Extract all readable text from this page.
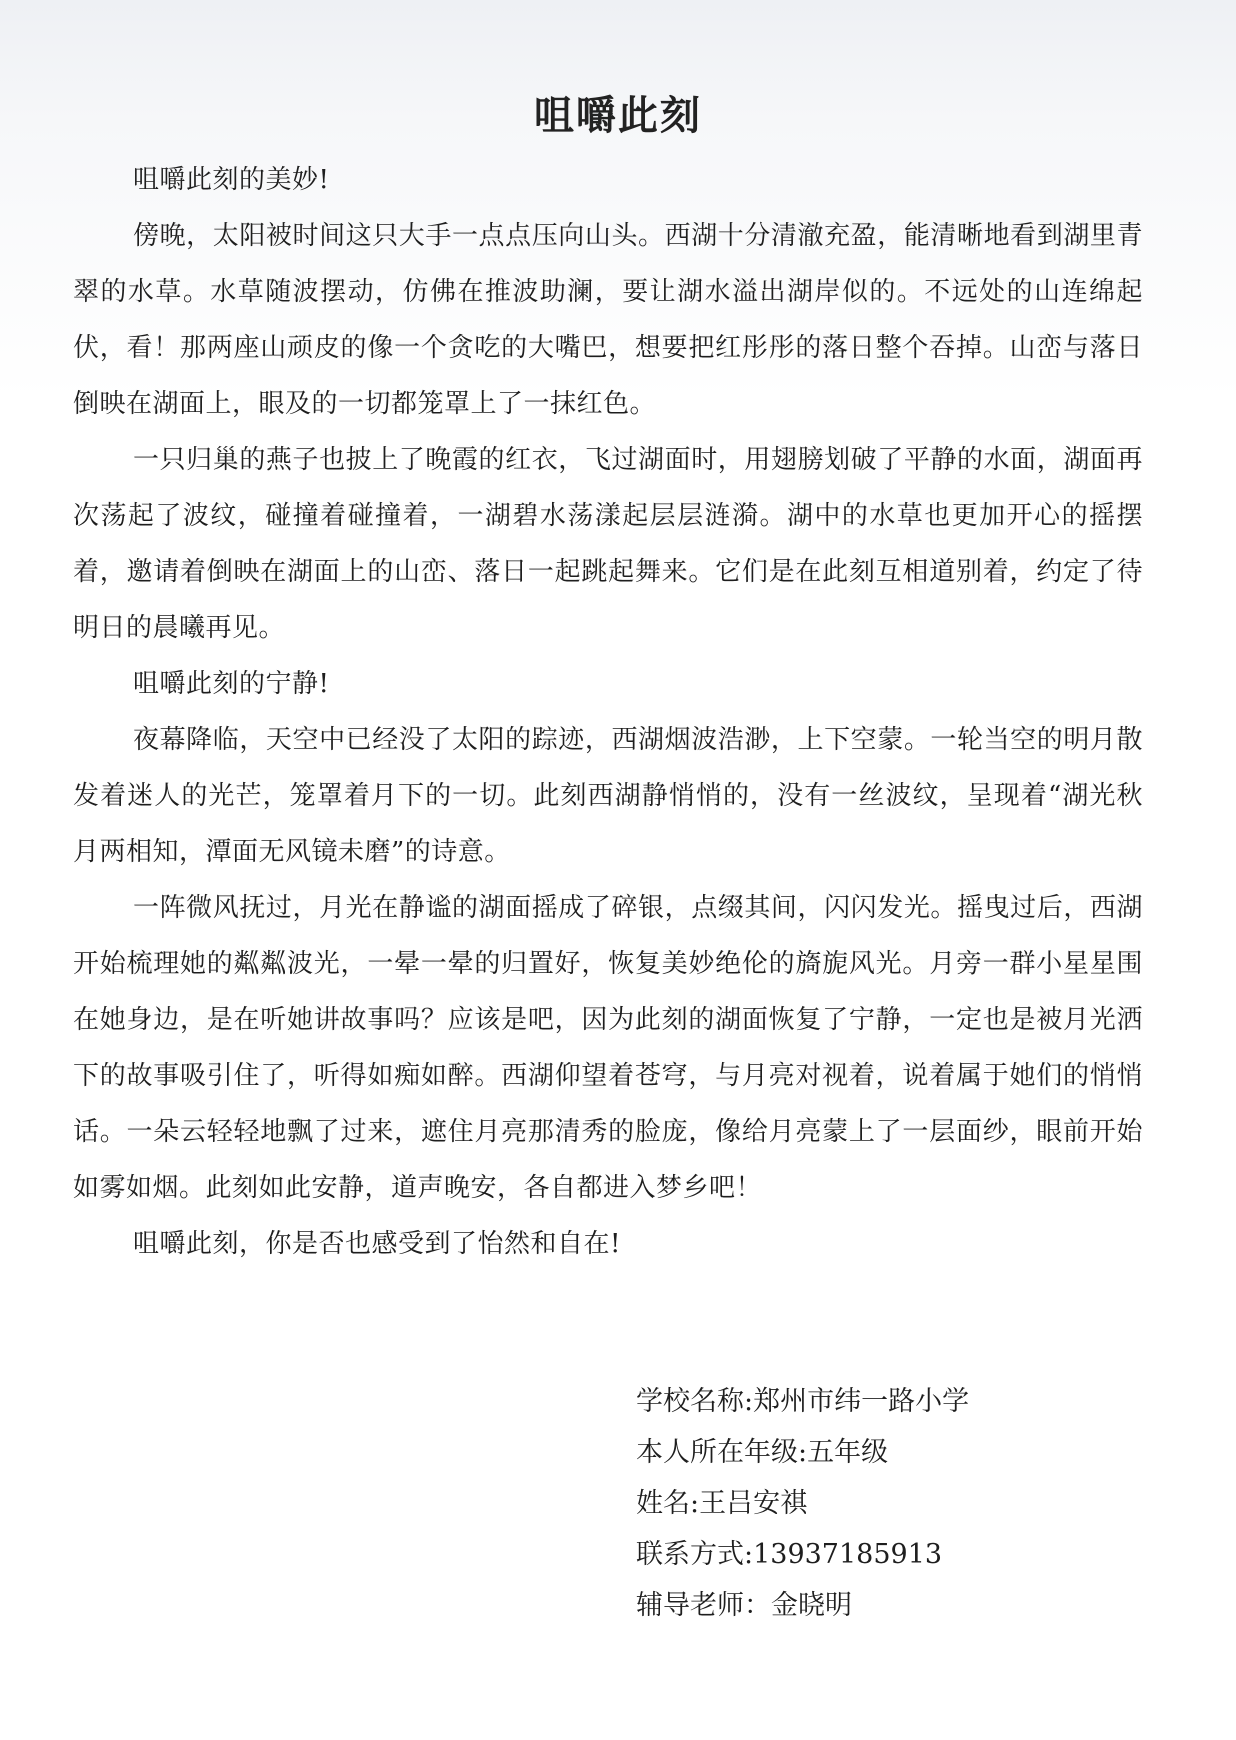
咀嚼此刻

咀嚼此刻的美妙!

傍晚，太阳被时间这只大手一点点压向山头。西湖十分清澈充盈，能清晰地看到湖里青翠的水草。水草随波摆动，仿佛在推波助澜，要让湖水溢出湖岸似的。不远处的山连绵起伏，看！那两座山顽皮的像一个贪吃的大嘴巴，想要把红彤彤的落日整个吞掉。山峦与落日倒映在湖面上，眼及的一切都笼罩上了一抹红色。

一只归巢的燕子也披上了晚霞的红衣，飞过湖面时，用翅膀划破了平静的水面，湖面再次荡起了波纹，碰撞着碰撞着，一湖碧水荡漾起层层涟漪。湖中的水草也更加开心的摇摆着，邀请着倒映在湖面上的山峦、落日一起跳起舞来。它们是在此刻互相道别着，约定了待明日的晨曦再见。

咀嚼此刻的宁静!

夜幕降临，天空中已经没了太阳的踪迹，西湖烟波浩渺，上下空蒙。一轮当空的明月散发着迷人的光芒，笼罩着月下的一切。此刻西湖静悄悄的，没有一丝波纹，呈现着“湖光秋月两相知，潭面无风镜未磨”的诗意。

一阵微风抚过，月光在静谧的湖面摇成了碎银，点缀其间，闪闪发光。摇曳过后，西湖开始梳理她的粼粼波光，一晕一晕的归置好，恢复美妙绝伦的旖旎风光。月旁一群小星星围在她身边，是在听她讲故事吗？应该是吧，因为此刻的湖面恢复了宁静，一定也是被月光洒下的故事吸引住了，听得如痴如醉。西湖仰望着苍穹，与月亮对视着，说着属于她们的悄悄话。一朵云轻轻地飘了过来，遮住月亮那清秀的脸庞，像给月亮蒙上了一层面纱，眼前开始如雾如烟。此刻如此安静，道声晚安，各自都进入梦乡吧！

咀嚼此刻，你是否也感受到了怡然和自在!

学校名称:郑州市纬一路小学
本人所在年级:五年级
姓名:王吕安祺
联系方式:13937185913
辅导老师：金晓明
